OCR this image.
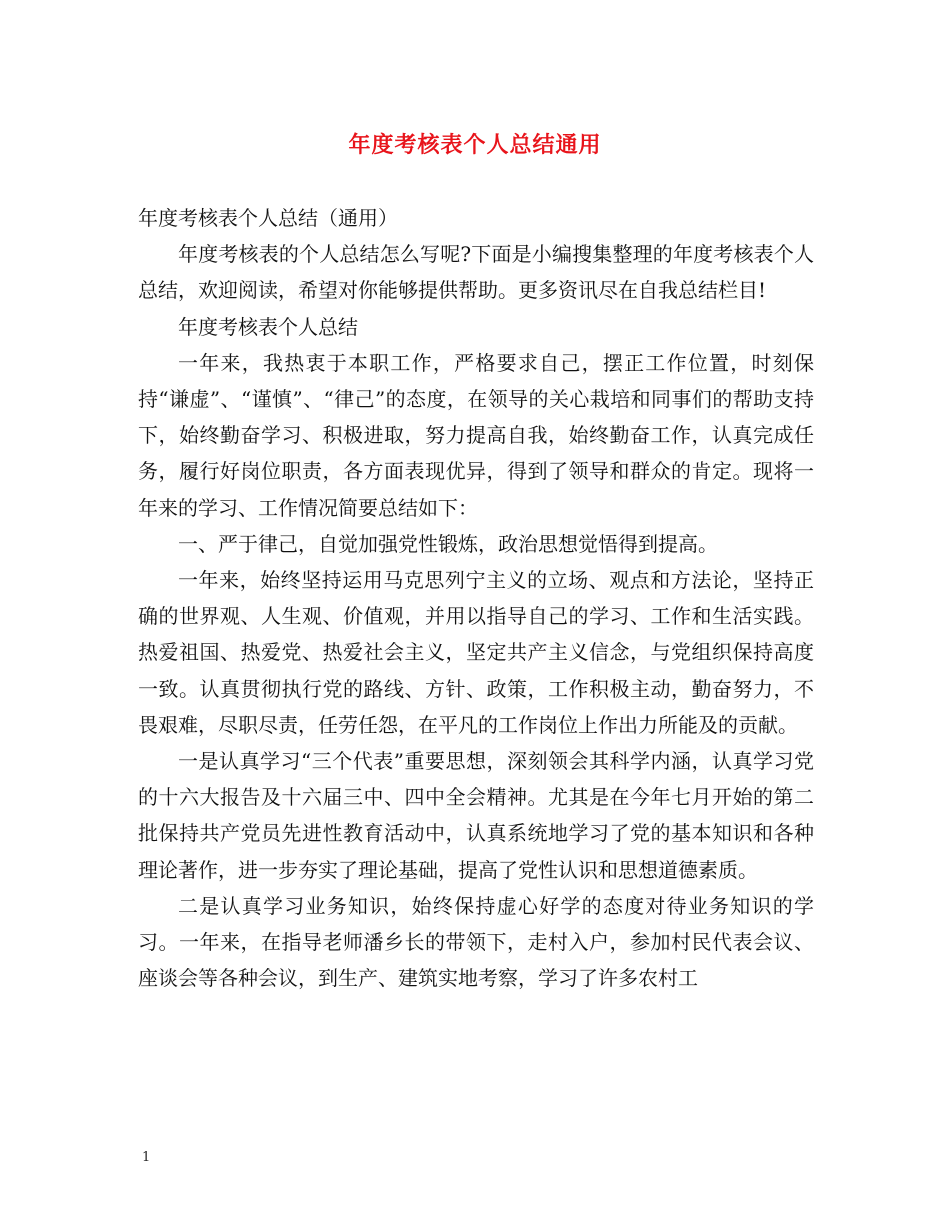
年度考核表个人总结通用

年度考核表个人总结（通用）

年度考核表的个人总结怎么写呢?下面是小编搜集整理的年度考核表个人总结，欢迎阅读，希望对你能够提供帮助。更多资讯尽在自我总结栏目!

年度考核表个人总结

一年来，我热衷于本职工作，严格要求自己，摆正工作位置，时刻保持“谦虚”、“谨慎”、“律己”的态度，在领导的关心栽培和同事们的帮助支持下，始终勤奋学习、积极进取，努力提高自我，始终勤奋工作，认真完成任务，履行好岗位职责，各方面表现优异，得到了领导和群众的肯定。现将一年来的学习、工作情况简要总结如下：

一、严于律己，自觉加强党性锻炼，政治思想觉悟得到提高。

一年来，始终坚持运用马克思列宁主义的立场、观点和方法论，坚持正确的世界观、人生观、价值观，并用以指导自己的学习、工作和生活实践。热爱祖国、热爱党、热爱社会主义，坚定共产主义信念，与党组织保持高度一致。认真贯彻执行党的路线、方针、政策，工作积极主动，勤奋努力，不畏艰难，尽职尽责，任劳任怨，在平凡的工作岗位上作出力所能及的贡献。

一是认真学习“三个代表”重要思想，深刻领会其科学内涵，认真学习党的十六大报告及十六届三中、四中全会精神。尤其是在今年七月开始的第二批保持共产党员先进性教育活动中，认真系统地学习了党的基本知识和各种理论著作，进一步夯实了理论基础，提高了党性认识和思想道德素质。

二是认真学习业务知识，始终保持虚心好学的态度对待业务知识的学习。一年来，在指导老师潘乡长的带领下，走村入户，参加村民代表会议、座谈会等各种会议，到生产、建筑实地考察，学习了许多农村工

1
